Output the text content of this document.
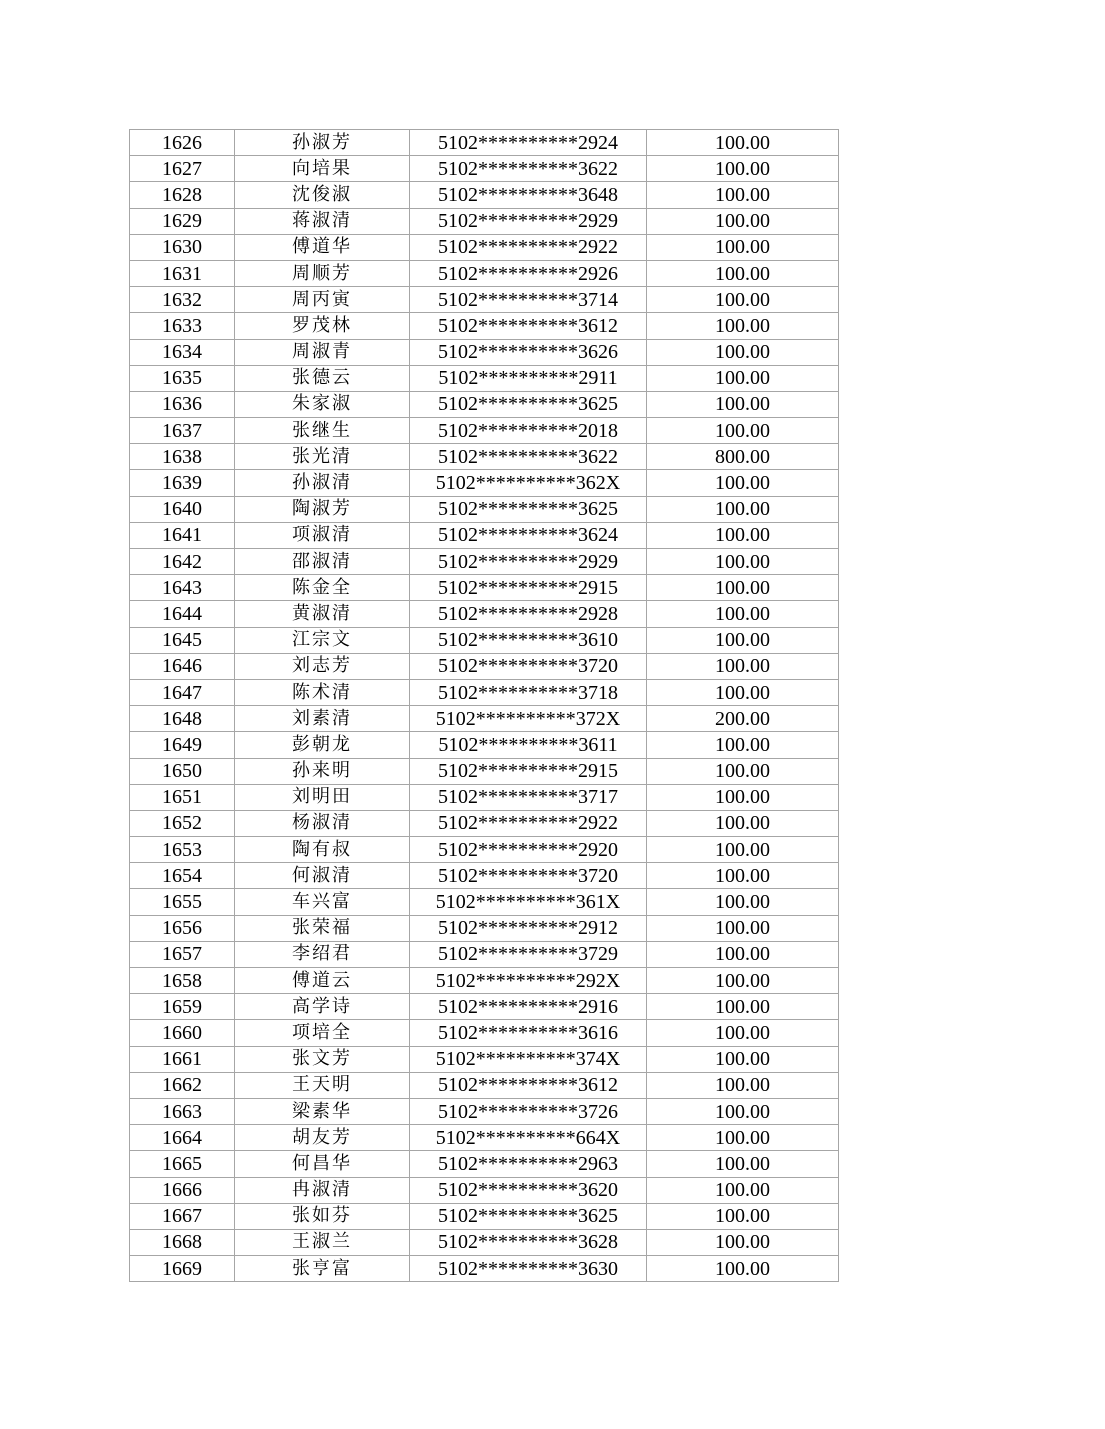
1626	孙淑芳	5102**********2924	100.00
1627	向培果	5102**********3622	100.00
1628	沈俊淑	5102**********3648	100.00
1629	蒋淑清	5102**********2929	100.00
1630	傅道华	5102**********2922	100.00
1631	周顺芳	5102**********2926	100.00
1632	周丙寅	5102**********3714	100.00
1633	罗茂林	5102**********3612	100.00
1634	周淑青	5102**********3626	100.00
1635	张德云	5102**********2911	100.00
1636	朱家淑	5102**********3625	100.00
1637	张继生	5102**********2018	100.00
1638	张光清	5102**********3622	800.00
1639	孙淑清	5102**********362X	100.00
1640	陶淑芳	5102**********3625	100.00
1641	项淑清	5102**********3624	100.00
1642	邵淑清	5102**********2929	100.00
1643	陈金全	5102**********2915	100.00
1644	黄淑清	5102**********2928	100.00
1645	江宗文	5102**********3610	100.00
1646	刘志芳	5102**********3720	100.00
1647	陈术清	5102**********3718	100.00
1648	刘素清	5102**********372X	200.00
1649	彭朝龙	5102**********3611	100.00
1650	孙来明	5102**********2915	100.00
1651	刘明田	5102**********3717	100.00
1652	杨淑清	5102**********2922	100.00
1653	陶有叔	5102**********2920	100.00
1654	何淑清	5102**********3720	100.00
1655	车兴富	5102**********361X	100.00
1656	张荣福	5102**********2912	100.00
1657	李绍君	5102**********3729	100.00
1658	傅道云	5102**********292X	100.00
1659	高学诗	5102**********2916	100.00
1660	项培全	5102**********3616	100.00
1661	张文芳	5102**********374X	100.00
1662	王天明	5102**********3612	100.00
1663	梁素华	5102**********3726	100.00
1664	胡友芳	5102**********664X	100.00
1665	何昌华	5102**********2963	100.00
1666	冉淑清	5102**********3620	100.00
1667	张如芬	5102**********3625	100.00
1668	王淑兰	5102**********3628	100.00
1669	张亨富	5102**********3630	100.00
